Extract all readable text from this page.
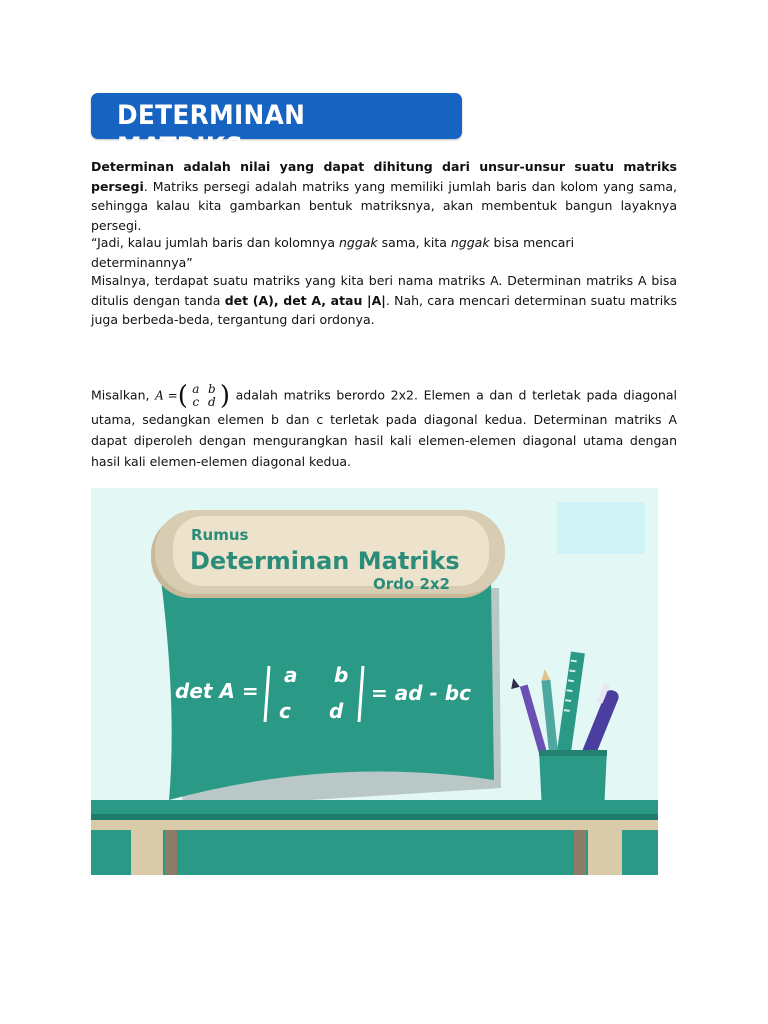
DETERMINAN MATRIKS

Determinan adalah nilai yang dapat dihitung dari unsur-unsur suatu matriks persegi. Matriks persegi adalah matriks yang memiliki jumlah baris dan kolom yang sama, sehingga kalau kita gambarkan bentuk matriksnya, akan membentuk bangun layaknya persegi.

“Jadi, kalau jumlah baris dan kolomnya nggak sama, kita nggak bisa mencari determinannya”

Misalnya, terdapat suatu matriks yang kita beri nama matriks A. Determinan matriks A bisa ditulis dengan tanda det (A), det A, atau |A|. Nah, cara mencari determinan suatu matriks juga berbeda-beda, tergantung dari ordonya.

Misalkan, A =( a b
c d ) adalah matriks berordo 2x2. Elemen a dan d terletak pada diagonal utama, sedangkan elemen b dan c terletak pada diagonal kedua. Determinan matriks A dapat diperoleh dengan mengurangkan hasil kali elemen-elemen diagonal utama dengan hasil kali elemen-elemen diagonal kedua.

Rumus
Determinan Matriks
Ordo 2x2
det A =
a b
c d
= ad - bc
